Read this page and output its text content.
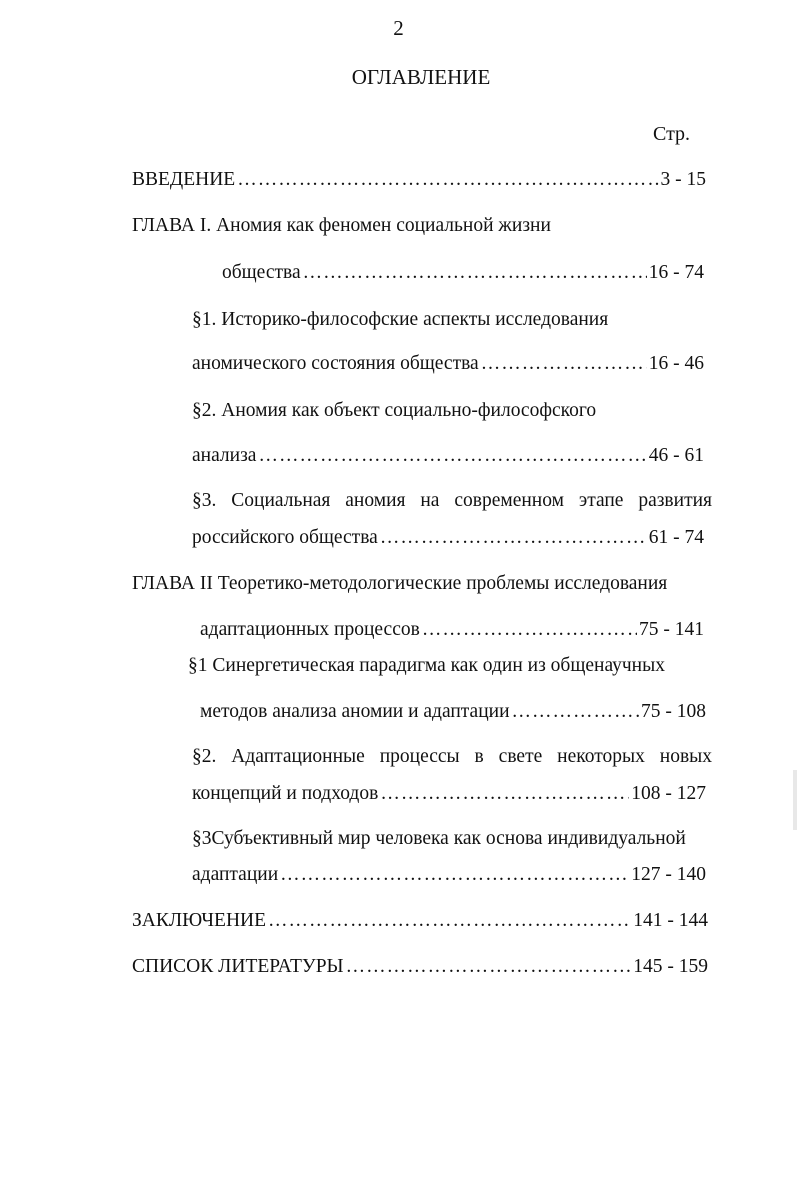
2
ОГЛАВЛЕНИЕ
Стр.
ВВЕДЕНИЕ ………………………………………………………………………………………………………………………………………………	3 - 15
ГЛАВА I. Аномия как феномен социальной жизни
общества ………………………………………………………………………………………………………………………………………………	16 - 74
§1. Историко-философские аспекты исследования
аномического состояния общества ………………………………………………………………………………………………………………………………………………	16 - 46
§2. Аномия как объект социально-философского
анализа ………………………………………………………………………………………………………………………………………………	46 - 61
§3. Социальная аномия на современном этапе развития
российского общества ………………………………………………………………………………………………………………………………………………	61 - 74
ГЛАВА II Теоретико-методологические проблемы исследования
адаптационных процессов ………………………………………………………………………………………………………………………………………………	75 - 141
§1 Синергетическая парадигма как один из общенаучных
методов анализа аномии и адаптации ………………………………………………………………………………………………………………………………………………	75 - 108
§2. Адаптационные процессы в свете некоторых новых
концепций и подходов ………………………………………………………………………………………………………………………………………………	108 - 127
§3Субъективный мир человека как основа индивидуальной
адаптации ………………………………………………………………………………………………………………………………………………	127 - 140
ЗАКЛЮЧЕНИЕ ………………………………………………………………………………………………………………………………………………	141 - 144
СПИСОК ЛИТЕРАТУРЫ ………………………………………………………………………………………………………………………………………………	145 - 159
